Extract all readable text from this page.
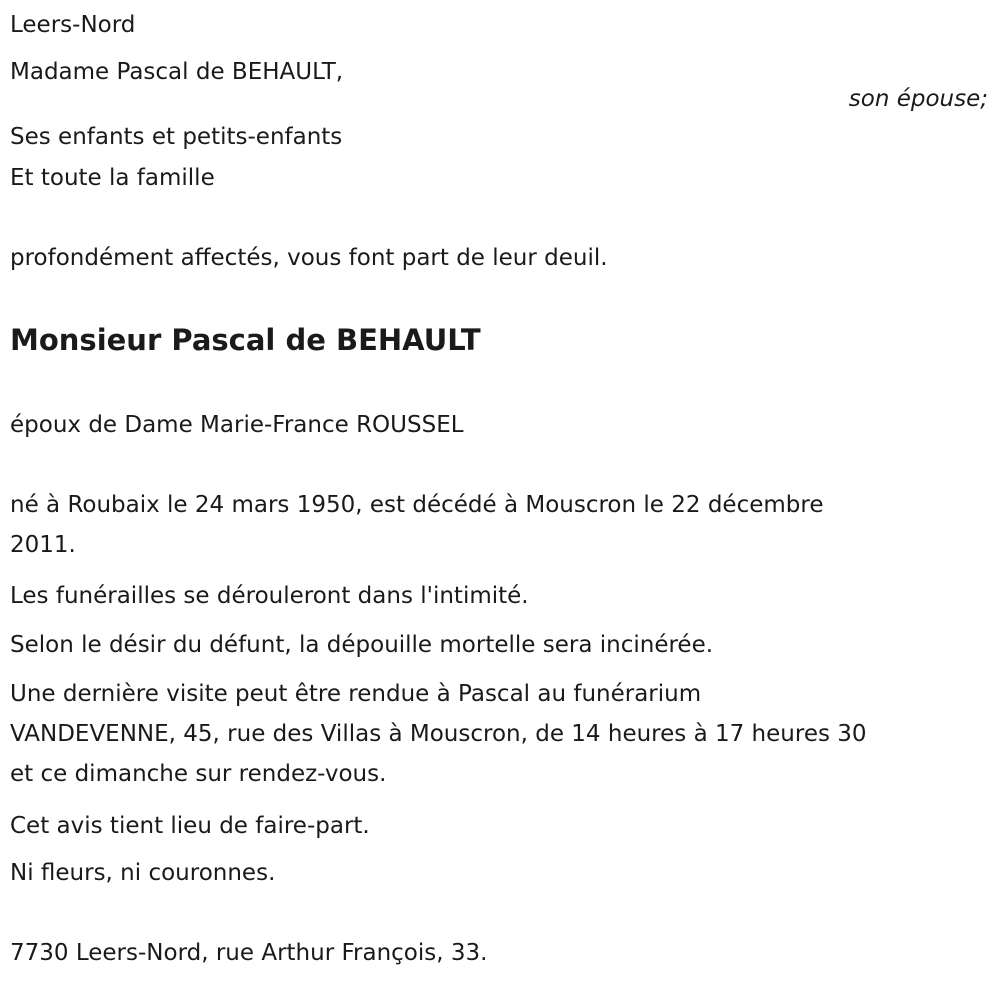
Leers-Nord
Madame Pascal de BEHAULT,
son épouse;
Ses enfants et petits-enfants
Et toute la famille
profondément affectés, vous font part de leur deuil.
Monsieur Pascal de BEHAULT
époux de Dame Marie-France ROUSSEL
né à Roubaix le 24 mars 1950, est décédé à Mouscron le 22 décembre
2011.
Les funérailles se dérouleront dans l'intimité.
Selon le désir du défunt, la dépouille mortelle sera incinérée.
Une dernière visite peut être rendue à Pascal au funérarium
VANDEVENNE, 45, rue des Villas à Mouscron, de 14 heures à 17 heures 30
et ce dimanche sur rendez-vous.
Cet avis tient lieu de faire-part.
Ni fleurs, ni couronnes.
7730 Leers-Nord, rue Arthur François, 33.
